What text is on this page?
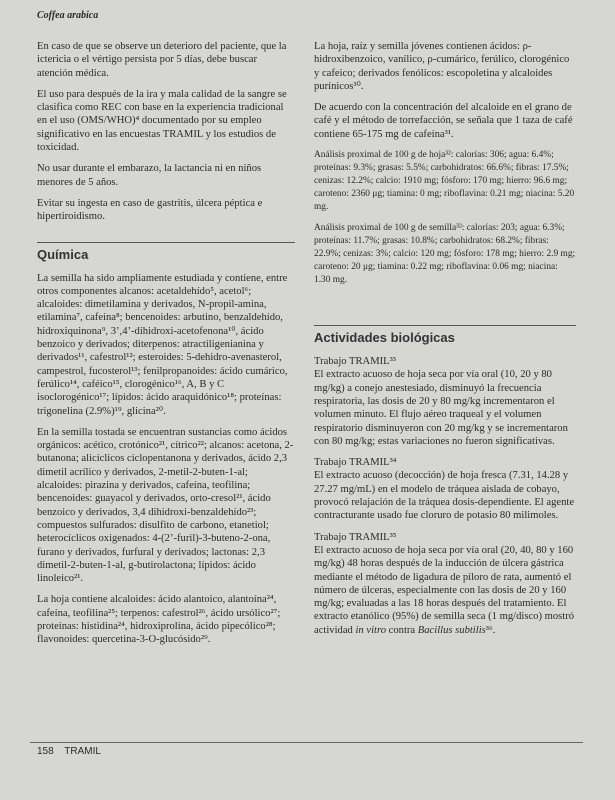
Coffea arabica

En caso de que se observe un deterioro del paciente, que la ictericia o el vértigo persista por 5 días, debe buscar atención médica.

El uso para después de la ira y mala calidad de la sangre se clasifica como REC con base en la experiencia tradicional en el uso (OMS/WHO)⁴ documentado por su empleo significativo en las encuestas TRAMIL y los estudios de toxicidad.

No usar durante el embarazo, la lactancia ni en niños menores de 5 años.

Evitar su ingesta en caso de gastritis, úlcera péptica e hipertiroidismo.

Química

La semilla ha sido ampliamente estudiada y contiene, entre otros componentes alcanos: acetaldehído⁵, acetol⁶; alcaloides: dimetilamina y derivados, N-propil-amina, etilamina⁷, cafeína⁸; bencenoides: arbutino, benzaldehído, hidroxiquinona⁹, 3’,4’-dihidroxi-acetofenona¹⁰, ácido benzoico y derivados; diterpenos: atractiligenianina y derivados¹¹, cafestrol¹²; esteroides: 5-dehidro-avenasterol, campestrol, fucosterol¹³; fenilpropanoides: ácido cumárico, ferúlico¹⁴, caféico¹⁵, clorogénico¹⁶, A, B y C isoclorogénico¹⁷; lípidos: ácido araquidónico¹⁸; proteínas: trigonelina (2.9%)¹⁹, glicina²⁰.

En la semilla tostada se encuentran sustancias como ácidos orgánicos: acético, crotónico²¹, cítrico²²; alcanos: acetona, 2-butanona; alicíclicos ciclopentanona y derivados, ácido 2,3 dimetil acrílico y derivados, 2-metil-2-buten-1-al; alcaloides: pirazina y derivados, cafeína, teofilina; bencenoides: guayacol y derivados, orto-cresol²¹, ácido benzoico y derivados, 3,4 dihidroxi-benzaldehído²³; compuestos sulfurados: disulfito de carbono, etanetiol; heterocíclicos oxigenados: 4-(2’-furil)-3-buteno-2-ona, furano y derivados, furfural y derivados; lactonas: 2,3 dimetil-2-buten-1-al, g-butirolactona; lípidos: ácido linoleico²¹.

La hoja contiene alcaloides: ácido alantoico, alantoína²⁴, cafeína, teofilina²⁵; terpenos: cafestrol²⁶, ácido ursólico²⁷; proteínas: histidina²⁴, hidroxiprolina, ácido pipecólico²⁸; flavonoides: quercetina-3-O-glucósido²⁹.

La hoja, raíz y semilla jóvenes contienen ácidos: ρ-hidroxibenzoico, vanílico, ρ-cumárico, ferúlico, clorogénico y cafeico; derivados fenólicos: escopoletina y alcaloides purínicos³⁰.

De acuerdo con la concentración del alcaloide en el grano de café y el método de torrefacción, se señala que 1 taza de café contiene 65-175 mg de cafeína³¹.

Análisis proximal de 100 g de hoja³²: calorías: 306; agua: 6.4%; proteínas: 9.3%; grasas: 5.5%; carbohidratos: 66.6%; fibras: 17.5%; cenizas: 12.2%; calcio: 1910 mg; fósforo: 170 mg; hierro: 96.6 mg; caroteno: 2360 μg; tiamina: 0 mg; riboflavina: 0.21 mg; niacina: 5.20 mg.

Análisis proximal de 100 g de semilla³²: calorías: 203; agua: 6.3%; proteínas: 11.7%; grasas: 10.8%; carbohidratos: 68.2%; fibras: 22.9%; cenizas: 3%; calcio: 120 mg; fósforo: 178 mg; hierro: 2.9 mg; caroteno: 20 μg; tiamina: 0.22 mg; riboflavina: 0.06 mg; niacina: 1.30 mg.

Actividades biológicas

Trabajo TRAMIL³³

El extracto acuoso de hoja seca por vía oral (10, 20 y 80 mg/kg) a conejo anestesiado, disminuyó la frecuencia respiratoria, las dosis de 20 y 80 mg/kg incrementaron el volumen minuto. El flujo aéreo traqueal y el volumen respiratorio disminuyeron con 20 mg/kg y se incrementaron con 80 mg/kg; estas variaciones no fueron significativas.

Trabajo TRAMIL³⁴

El extracto acuoso (decocción) de hoja fresca (7.31, 14.28 y 27.27 mg/mL) en el modelo de tráquea aislada de cobayo, provocó relajación de la tráquea dosis-dependiente. El agente contracturante usado fue cloruro de potasio 80 milimoles.

Trabajo TRAMIL³⁵

El extracto acuoso de hoja seca por vía oral (20, 40, 80 y 160 mg/kg) 48 horas después de la inducción de úlcera gástrica mediante el método de ligadura de píloro de rata, aumentó el número de úlceras, especialmente con las dosis de 20 y 160 mg/kg; evaluadas a las 18 horas después del tratamiento. El extracto etanólico (95%) de semilla seca (1 mg/disco) mostró actividad in vitro contra Bacillus subtilis³⁶.

158 TRAMIL
